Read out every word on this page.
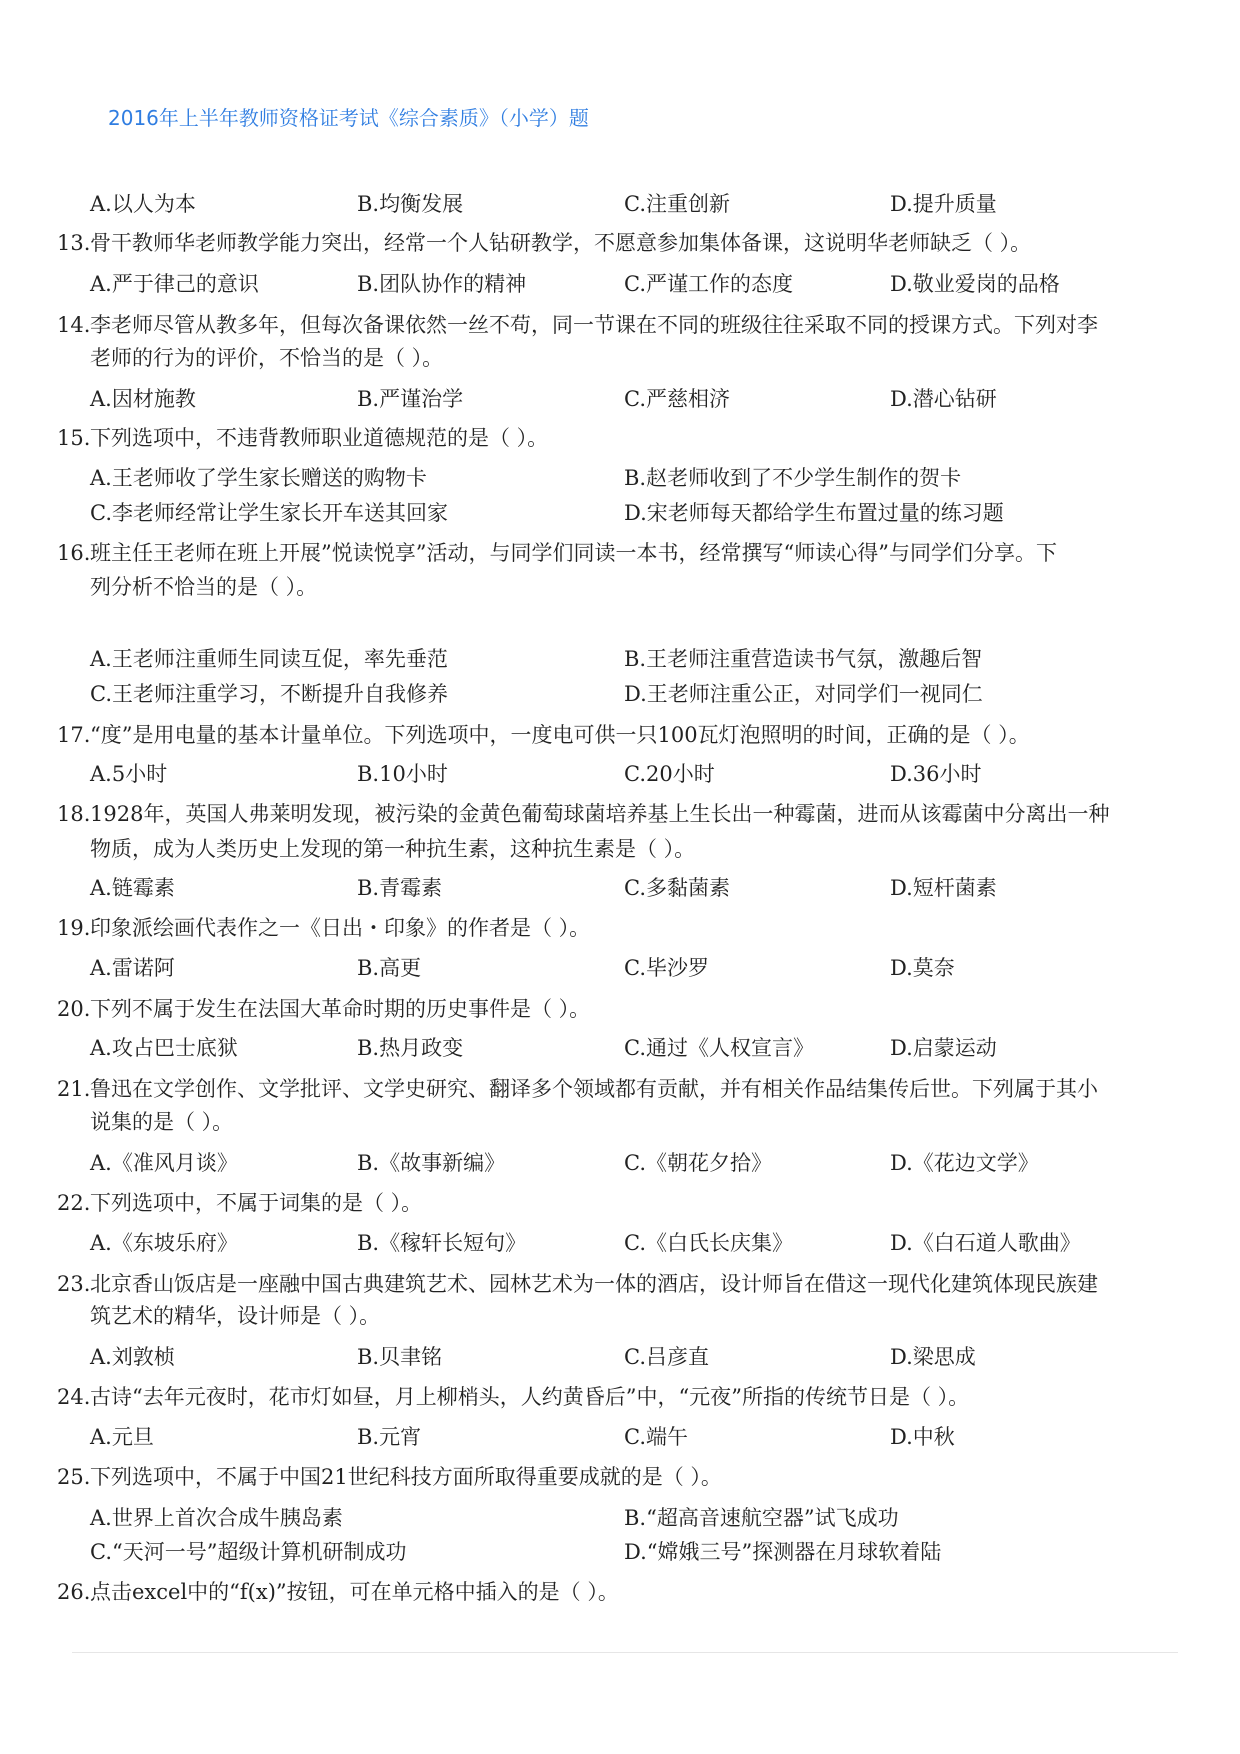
2016年上半年教师资格证考试《综合素质》（小学）题
A.以人为本	B.均衡发展	C.注重创新	D.提升质量
13. 骨干教师华老师教学能力突出，经常一个人钻研教学，不愿意参加集体备课，这说明华老师缺乏（ ）。
A.严于律己的意识	B.团队协作的精神	C.严谨工作的态度	D.敬业爱岗的品格
14. 李老师尽管从教多年，但每次备课依然一丝不苟，同一节课在不同的班级往往采取不同的授课方式。下列对李
老师的行为的评价，不恰当的是（ ）。
A.因材施教	B.严谨治学	C.严慈相济	D.潜心钻研
15. 下列选项中，不违背教师职业道德规范的是（ ）。
A.王老师收了学生家长赠送的购物卡	B.赵老师收到了不少学生制作的贺卡
C.李老师经常让学生家长开车送其回家	D.宋老师每天都给学生布置过量的练习题
16. 班主任王老师在班上开展”悦读悦享”活动，与同学们同读一本书，经常撰写“师读心得”与同学们分享。下
列分析不恰当的是（ ）。
A.王老师注重师生同读互促，率先垂范	B.王老师注重营造读书气氛，激趣后智
C.王老师注重学习，不断提升自我修养	D.王老师注重公正，对同学们一视同仁
17. “度”是用电量的基本计量单位。下列选项中，一度电可供一只100瓦灯泡照明的时间，正确的是（ ）。
A.5小时	B.10小时	C.20小时	D.36小时
18. 1928年，英国人弗莱明发现，被污染的金黄色葡萄球菌培养基上生长出一种霉菌，进而从该霉菌中分离出一种
物质，成为人类历史上发现的第一种抗生素，这种抗生素是（ ）。
A.链霉素	B.青霉素	C.多黏菌素	D.短杆菌素
19. 印象派绘画代表作之一《日出・印象》的作者是（ ）。
A.雷诺阿	B.高更	C.毕沙罗	D.莫奈
20. 下列不属于发生在法国大革命时期的历史事件是（ ）。
A.攻占巴士底狱	B.热月政变	C.通过《人权宣言》	D.启蒙运动
21. 鲁迅在文学创作、文学批评、文学史研究、翻译多个领域都有贡献，并有相关作品结集传后世。下列属于其小
说集的是（ ）。
A.《准风月谈》	B.《故事新编》	C.《朝花夕拾》	D.《花边文学》
22. 下列选项中，不属于词集的是（ ）。
A.《东坡乐府》	B.《稼轩长短句》	C.《白氏长庆集》	D.《白石道人歌曲》
23. 北京香山饭店是一座融中国古典建筑艺术、园林艺术为一体的酒店，设计师旨在借这一现代化建筑体现民族建
筑艺术的精华，设计师是（ ）。
A.刘敦桢	B.贝聿铭	C.吕彦直	D.梁思成
24. 古诗“去年元夜时，花市灯如昼，月上柳梢头，人约黄昏后”中，“元夜”所指的传统节日是（ ）。
A.元旦	B.元宵	C.端午	D.中秋
25. 下列选项中，不属于中国21世纪科技方面所取得重要成就的是（ ）。
A.世界上首次合成牛胰岛素	B.“超高音速航空器”试飞成功
C.“天河一号”超级计算机研制成功	D.“嫦娥三号”探测器在月球软着陆
26. 点击excel中的“f(x)”按钮，可在单元格中插入的是（ ）。
